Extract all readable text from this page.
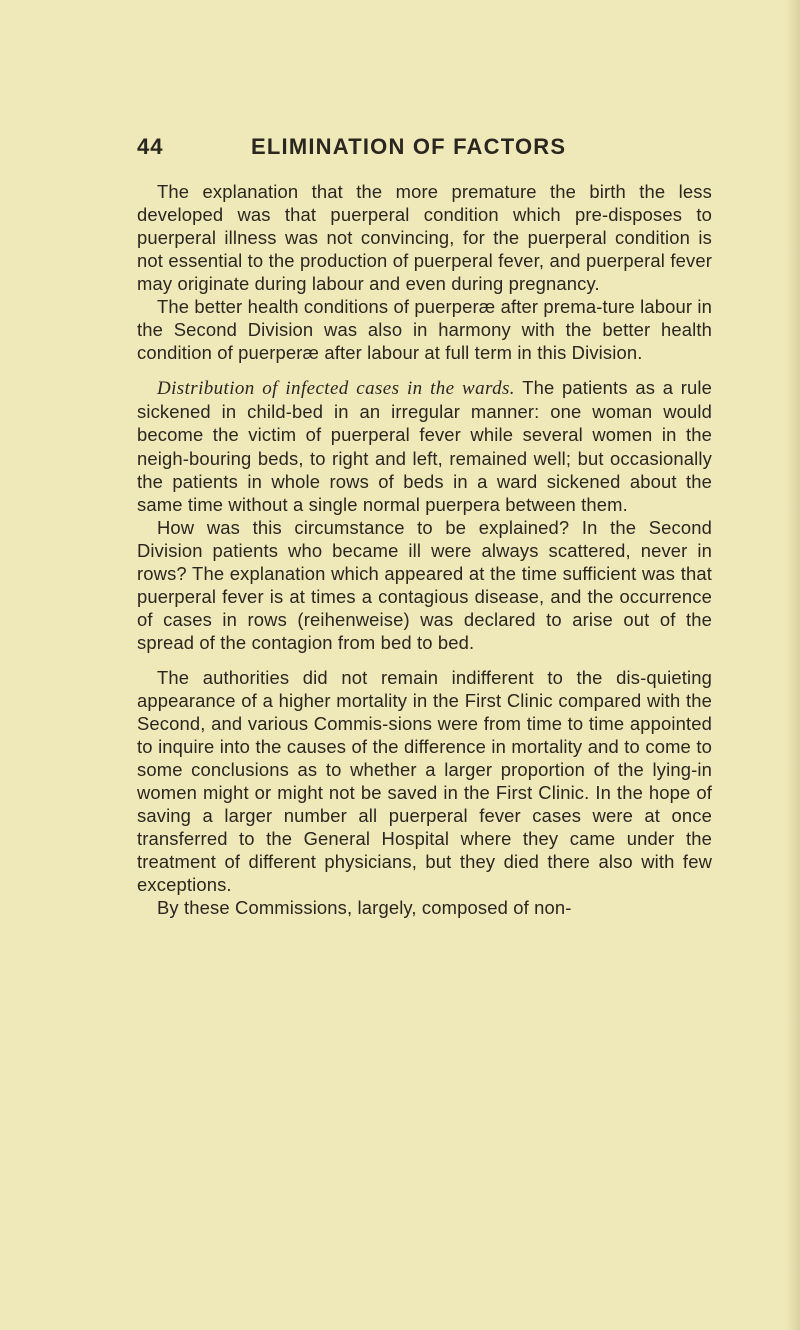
44	ELIMINATION OF FACTORS

The explanation that the more premature the birth the less developed was that puerperal condition which pre-disposes to puerperal illness was not convincing, for the puerperal condition is not essential to the production of puerperal fever, and puerperal fever may originate during labour and even during pregnancy.

The better health conditions of puerperæ after prema-ture labour in the Second Division was also in harmony with the better health condition of puerperæ after labour at full term in this Division.

Distribution of infected cases in the wards. The patients as a rule sickened in child-bed in an irregular manner: one woman would become the victim of puerperal fever while several women in the neigh-bouring beds, to right and left, remained well; but occasionally the patients in whole rows of beds in a ward sickened about the same time without a single normal puerpera between them.

How was this circumstance to be explained? In the Second Division patients who became ill were always scattered, never in rows? The explanation which appeared at the time sufficient was that puerperal fever is at times a contagious disease, and the occurrence of cases in rows (reihenweise) was declared to arise out of the spread of the contagion from bed to bed.

The authorities did not remain indifferent to the dis-quieting appearance of a higher mortality in the First Clinic compared with the Second, and various Commis-sions were from time to time appointed to inquire into the causes of the difference in mortality and to come to some conclusions as to whether a larger proportion of the lying-in women might or might not be saved in the First Clinic. In the hope of saving a larger number all puerperal fever cases were at once transferred to the General Hospital where they came under the treatment of different physicians, but they died there also with few exceptions.

By these Commissions, largely, composed of non-
